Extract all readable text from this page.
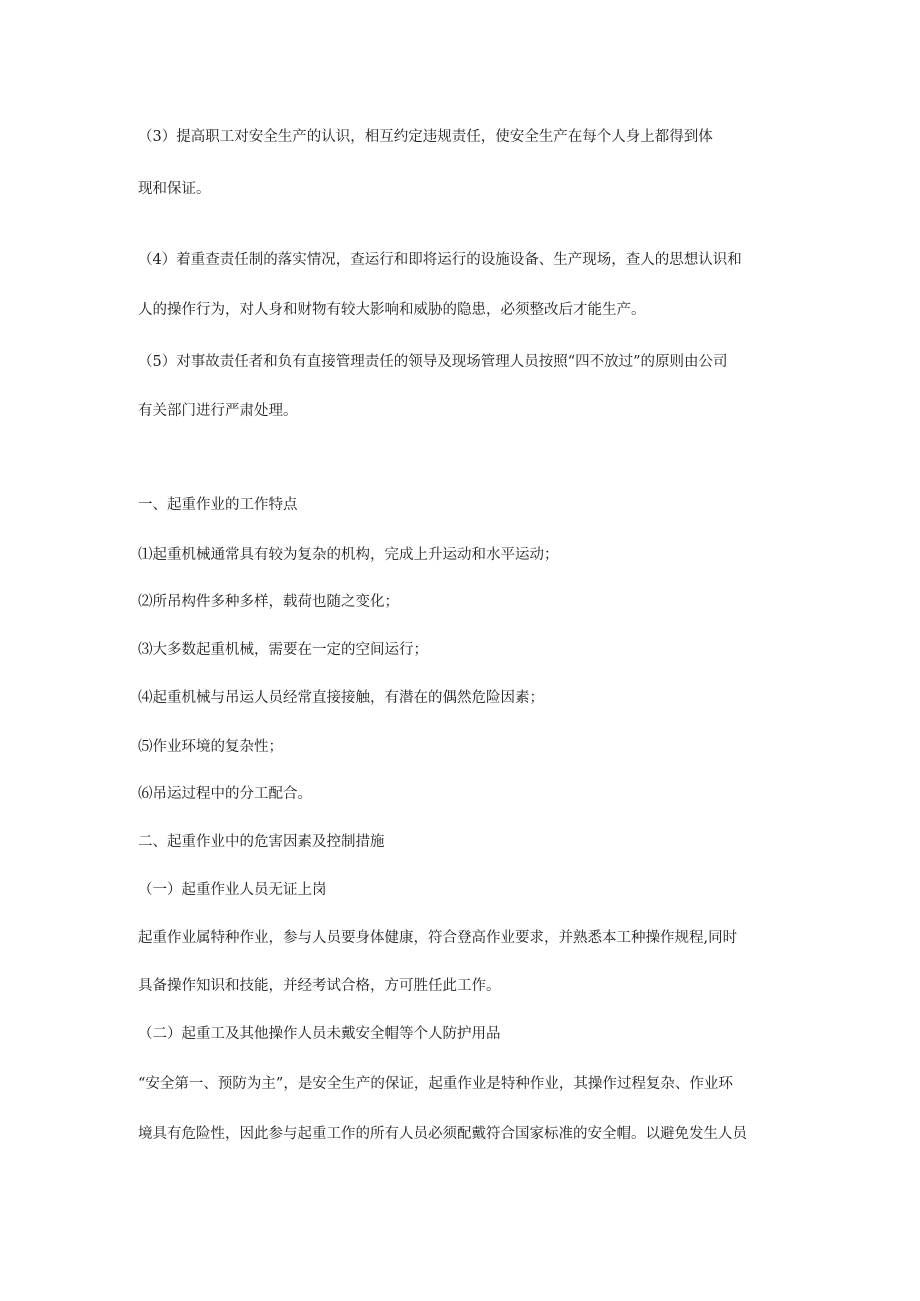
（3）提高职工对安全生产的认识，相互约定违规责任，使安全生产在每个人身上都得到体
现和保证。
（4）着重查责任制的落实情况，查运行和即将运行的设施设备、生产现场，查人的思想认识和
人的操作行为，对人身和财物有较大影响和威胁的隐患，必须整改后才能生产。
（5）对事故责任者和负有直接管理责任的领导及现场管理人员按照“四不放过”的原则由公司
有关部门进行严肃处理。
一、起重作业的工作特点
⑴起重机械通常具有较为复杂的机构，完成上升运动和水平运动；
⑵所吊构件多种多样，载荷也随之变化；
⑶大多数起重机械，需要在一定的空间运行；
⑷起重机械与吊运人员经常直接接触，有潜在的偶然危险因素；
⑸作业环境的复杂性；
⑹吊运过程中的分工配合。
二、起重作业中的危害因素及控制措施
（一）起重作业人员无证上岗
起重作业属特种作业，参与人员要身体健康，符合登高作业要求，并熟悉本工种操作规程,同时
具备操作知识和技能，并经考试合格，方可胜任此工作。
（二）起重工及其他操作人员未戴安全帽等个人防护用品
“安全第一、预防为主”，是安全生产的保证，起重作业是特种作业，其操作过程复杂、作业环
境具有危险性，因此参与起重工作的所有人员必须配戴符合国家标准的安全帽。以避免发生人员
